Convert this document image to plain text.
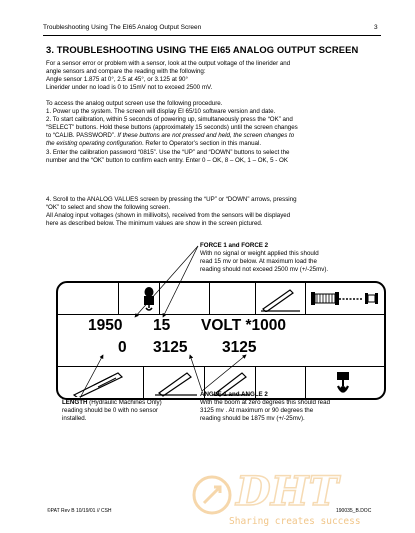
Troubleshooting Using The EI65 Analog Output Screen	3
3. TROUBLESHOOTING USING THE EI65 ANALOG OUTPUT SCREEN

For a sensor error or problem with a sensor, look at the output voltage of the linerider and

angle sensors and compare the reading with the following:

Angle sensor 1.875 at 0°, 2.5 at 45°, or 3.125 at 90°

Linerider under no load is 0 to 15mV not to exceed 2500 mV.

To access the analog output screen use the following procedure.

1. Power up the system. The screen will display EI 65/10 software version and date.

2. To start calibration, within 5 seconds of powering up, simultaneously press the “OK” and

“SELECT” buttons. Hold these buttons (approximately 15 seconds) until the screen changes

to “CALIB. PASSWORD”. If these buttons are not pressed and held, the screen changes to

the existing operating configuration. Refer to Operator’s section in this manual.

3. Enter the calibration password “0815”. Use the “UP” and “DOWN” buttons to select the

number and the “OK” button to confirm each entry. Enter 0 – OK, 8 – OK, 1 – OK, 5 - OK

4. Scroll to the ANALOG VALUES screen by pressing the “UP” or “DOWN” arrows, pressing

“OK” to select and show the following screen.

All Analog input voltages (shown in millivolts), received from the sensors will be displayed

here as described below. The minimum values are show in the screen pictured.

FORCE 1 and FORCE 2
With no signal or weight applied this should
read 15 mv or below. At maximum load the
reading should not exceed 2500 mv (+/-25mv).
1950 15 VOLT *1000
0 3125 3125
ANGLE 1 and ANGLE 2
With the boom at zero degrees this should read
3125 mv . At maximum or 90 degrees the
reading should be 1875 mv (+/-25mv).
LENGTH (Hydraulic Machines Only)
reading should be 0 with no sensor
installed.
DHT
Sharing creates success
©PAT Rev B 10/19/01 // CSH	190035_B.DOC
